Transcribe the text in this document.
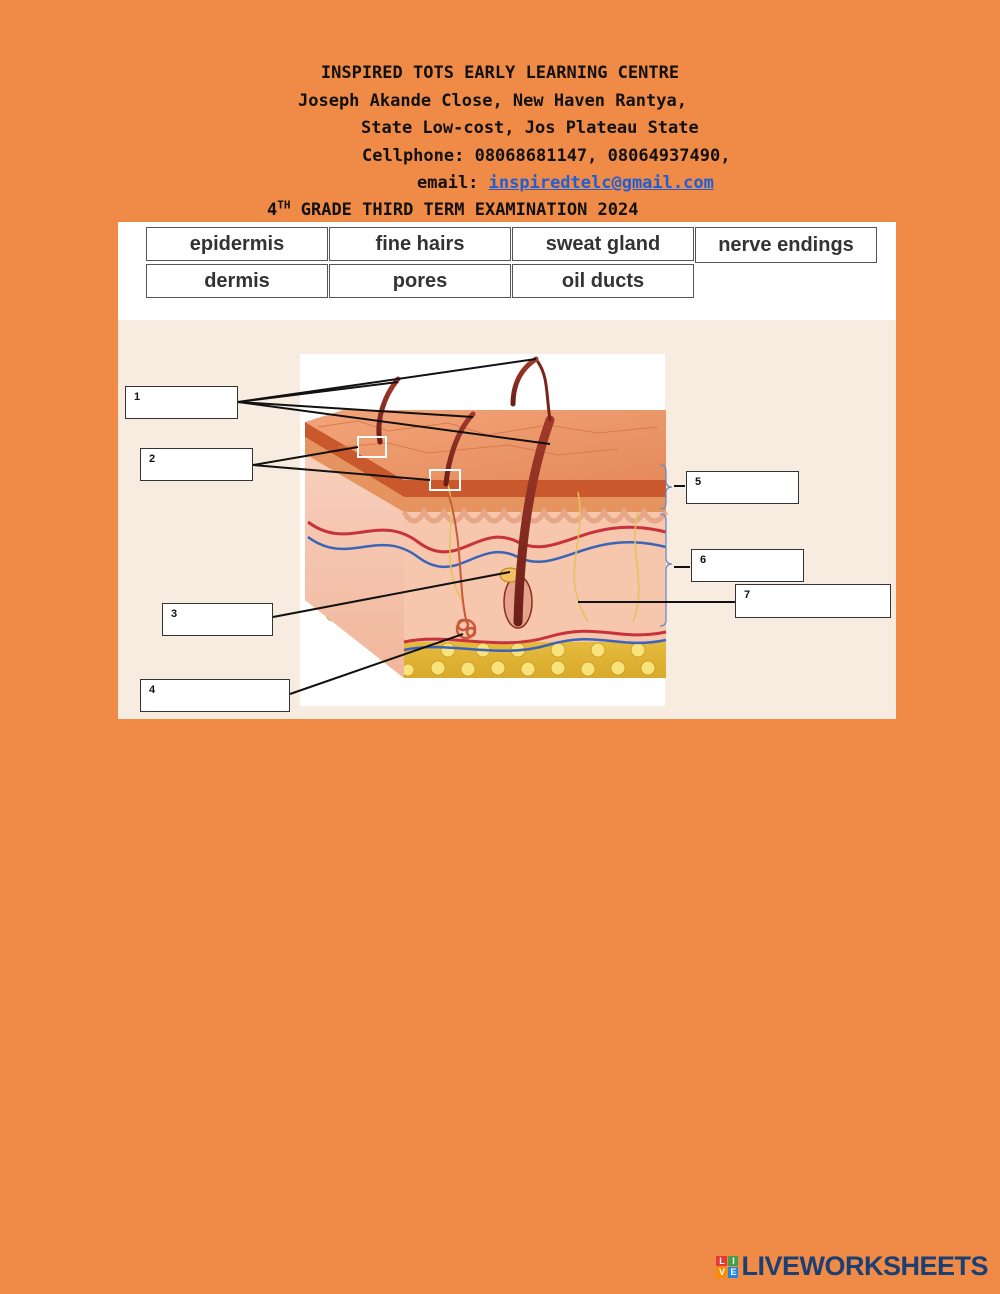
INSPIRED TOTS EARLY LEARNING CENTRE
Joseph Akande Close, New Haven Rantya,
State Low-cost, Jos Plateau State
Cellphone: 08068681147, 08064937490,
email: inspiredtelc@gmail.com
4TH GRADE THIRD TERM EXAMINATION 2024
epidermis	fine hairs	sweat gland	nerve endings
dermis	pores	oil ducts
1
2
3
4
5
6
7
L I
V E LIVEWORKSHEETS
